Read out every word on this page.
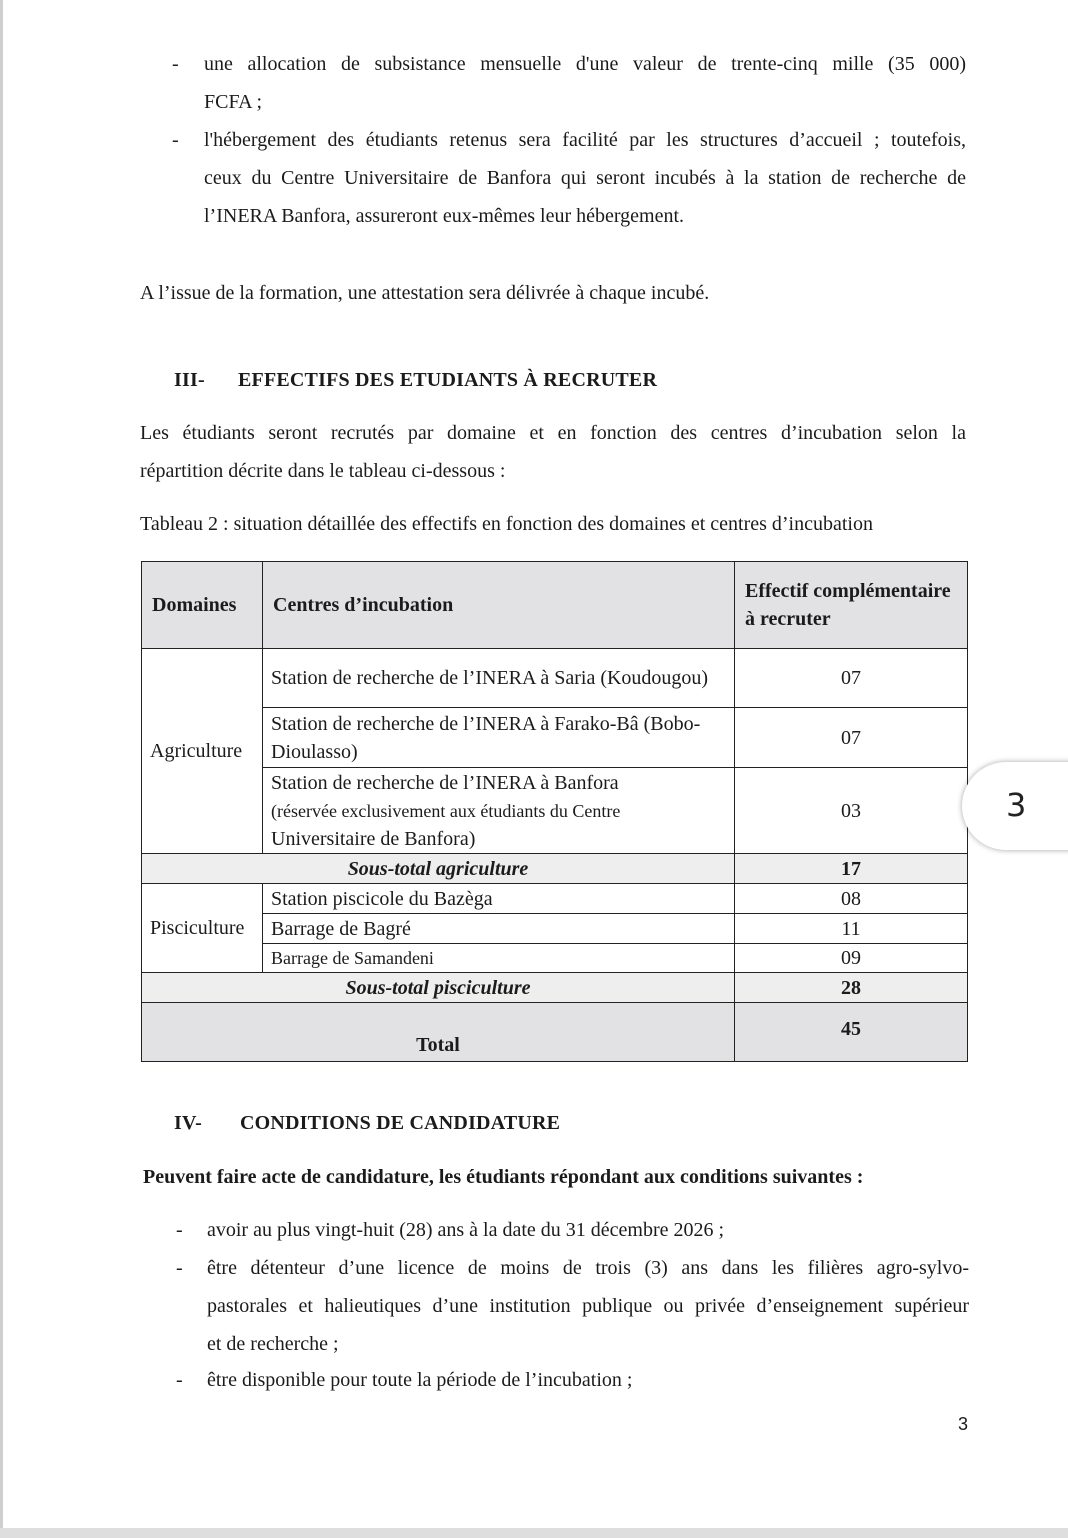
- une allocation de subsistance mensuelle d'une valeur de trente-cinq mille (35 000)
FCFA ;
- l'hébergement des étudiants retenus sera facilité par les structures d’accueil ; toutefois,
ceux du Centre Universitaire de Banfora qui seront incubés à la station de recherche de
l’INERA Banfora, assureront eux-mêmes leur hébergement.
A l’issue de la formation, une attestation sera délivrée à chaque incubé.
III- EFFECTIFS DES ETUDIANTS À RECRUTER
Les étudiants seront recrutés par domaine et en fonction des centres d’incubation selon la
répartition décrite dans le tableau ci-dessous :
Tableau 2 : situation détaillée des effectifs en fonction des domaines et centres d’incubation
Domaines	Centres d’incubation	Effectif complémentaire à recruter
Agriculture	Station de recherche de l’INERA à Saria (Koudougou)	07
	Station de recherche de l’INERA à Farako-Bâ (Bobo-Dioulasso)	07

	Station de recherche de l’INERA à Banfora
(réservée exclusivement aux étudiants du Centre
Universitaire de Banfora)	03
Sous-total agriculture		17
Pisciculture	Station piscicole du Bazèga	08
	Barrage de Bagré	11
	Barrage de Samandeni	09
Sous-total pisciculture		28
Total		45
IV- CONDITIONS DE CANDIDATURE
Peuvent faire acte de candidature, les étudiants répondant aux conditions suivantes :
- avoir au plus vingt-huit (28) ans à la date du 31 décembre 2026 ;
- être détenteur d’une licence de moins de trois (3) ans dans les filières agro-sylvo-
pastorales et halieutiques d’une institution publique ou privée d’enseignement supérieur
et de recherche ;
- être disponible pour toute la période de l’incubation ;
3
3
